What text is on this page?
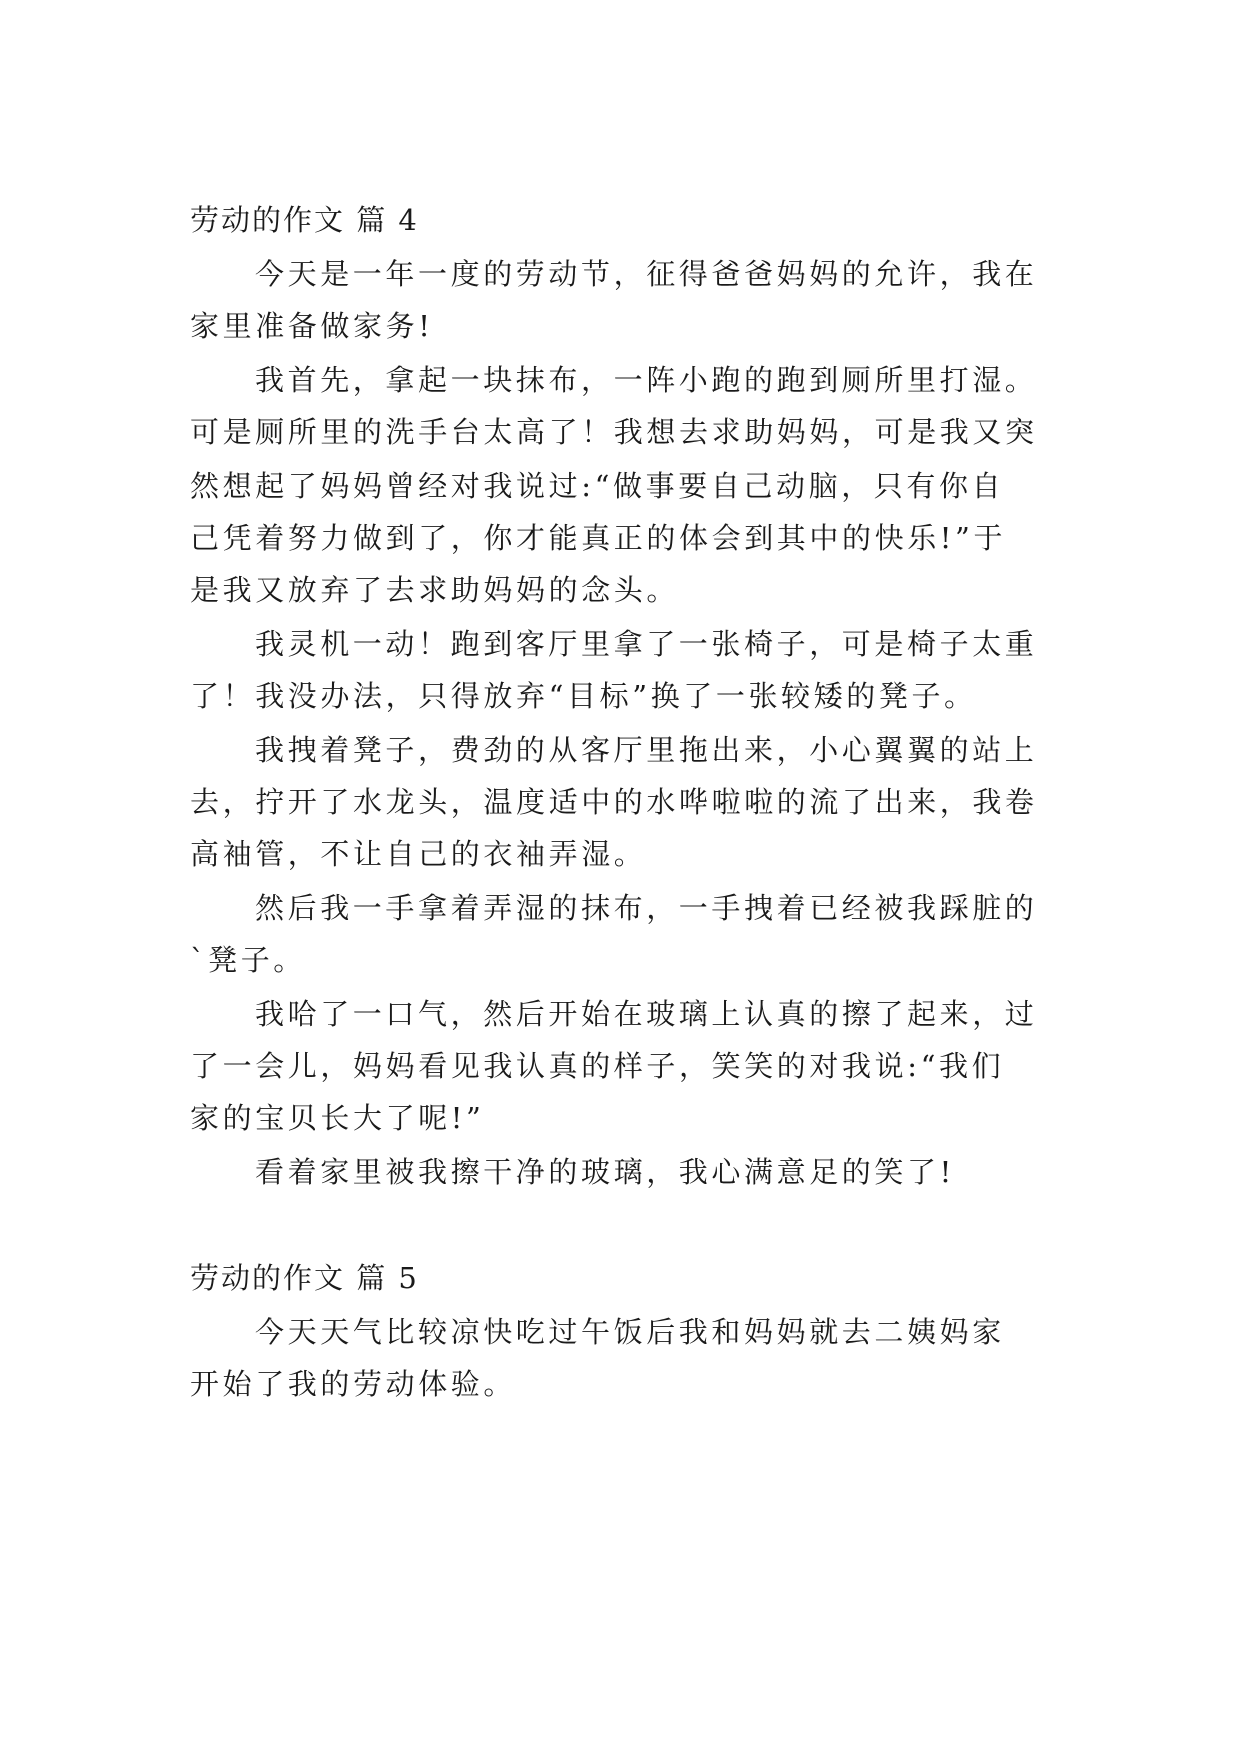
劳动的作文 篇 4
今天是一年一度的劳动节，征得爸爸妈妈的允许，我在
家里准备做家务!
我首先，拿起一块抹布，一阵小跑的跑到厕所里打湿。
可是厕所里的洗手台太高了！我想去求助妈妈，可是我又突
然想起了妈妈曾经对我说过:“做事要自己动脑，只有你自
己凭着努力做到了，你才能真正的体会到其中的快乐!”于
是我又放弃了去求助妈妈的念头。
我灵机一动！跑到客厅里拿了一张椅子，可是椅子太重
了！我没办法，只得放弃“目标”换了一张较矮的凳子。
我拽着凳子，费劲的从客厅里拖出来，小心翼翼的站上
去，拧开了水龙头，温度适中的水哗啦啦的流了出来，我卷
高袖管，不让自己的衣袖弄湿。
然后我一手拿着弄湿的抹布，一手拽着已经被我踩脏的
`凳子。
我哈了一口气，然后开始在玻璃上认真的擦了起来，过
了一会儿，妈妈看见我认真的样子，笑笑的对我说:“我们
家的宝贝长大了呢!”
看着家里被我擦干净的玻璃，我心满意足的笑了!
劳动的作文 篇 5
今天天气比较凉快吃过午饭后我和妈妈就去二姨妈家
开始了我的劳动体验。
